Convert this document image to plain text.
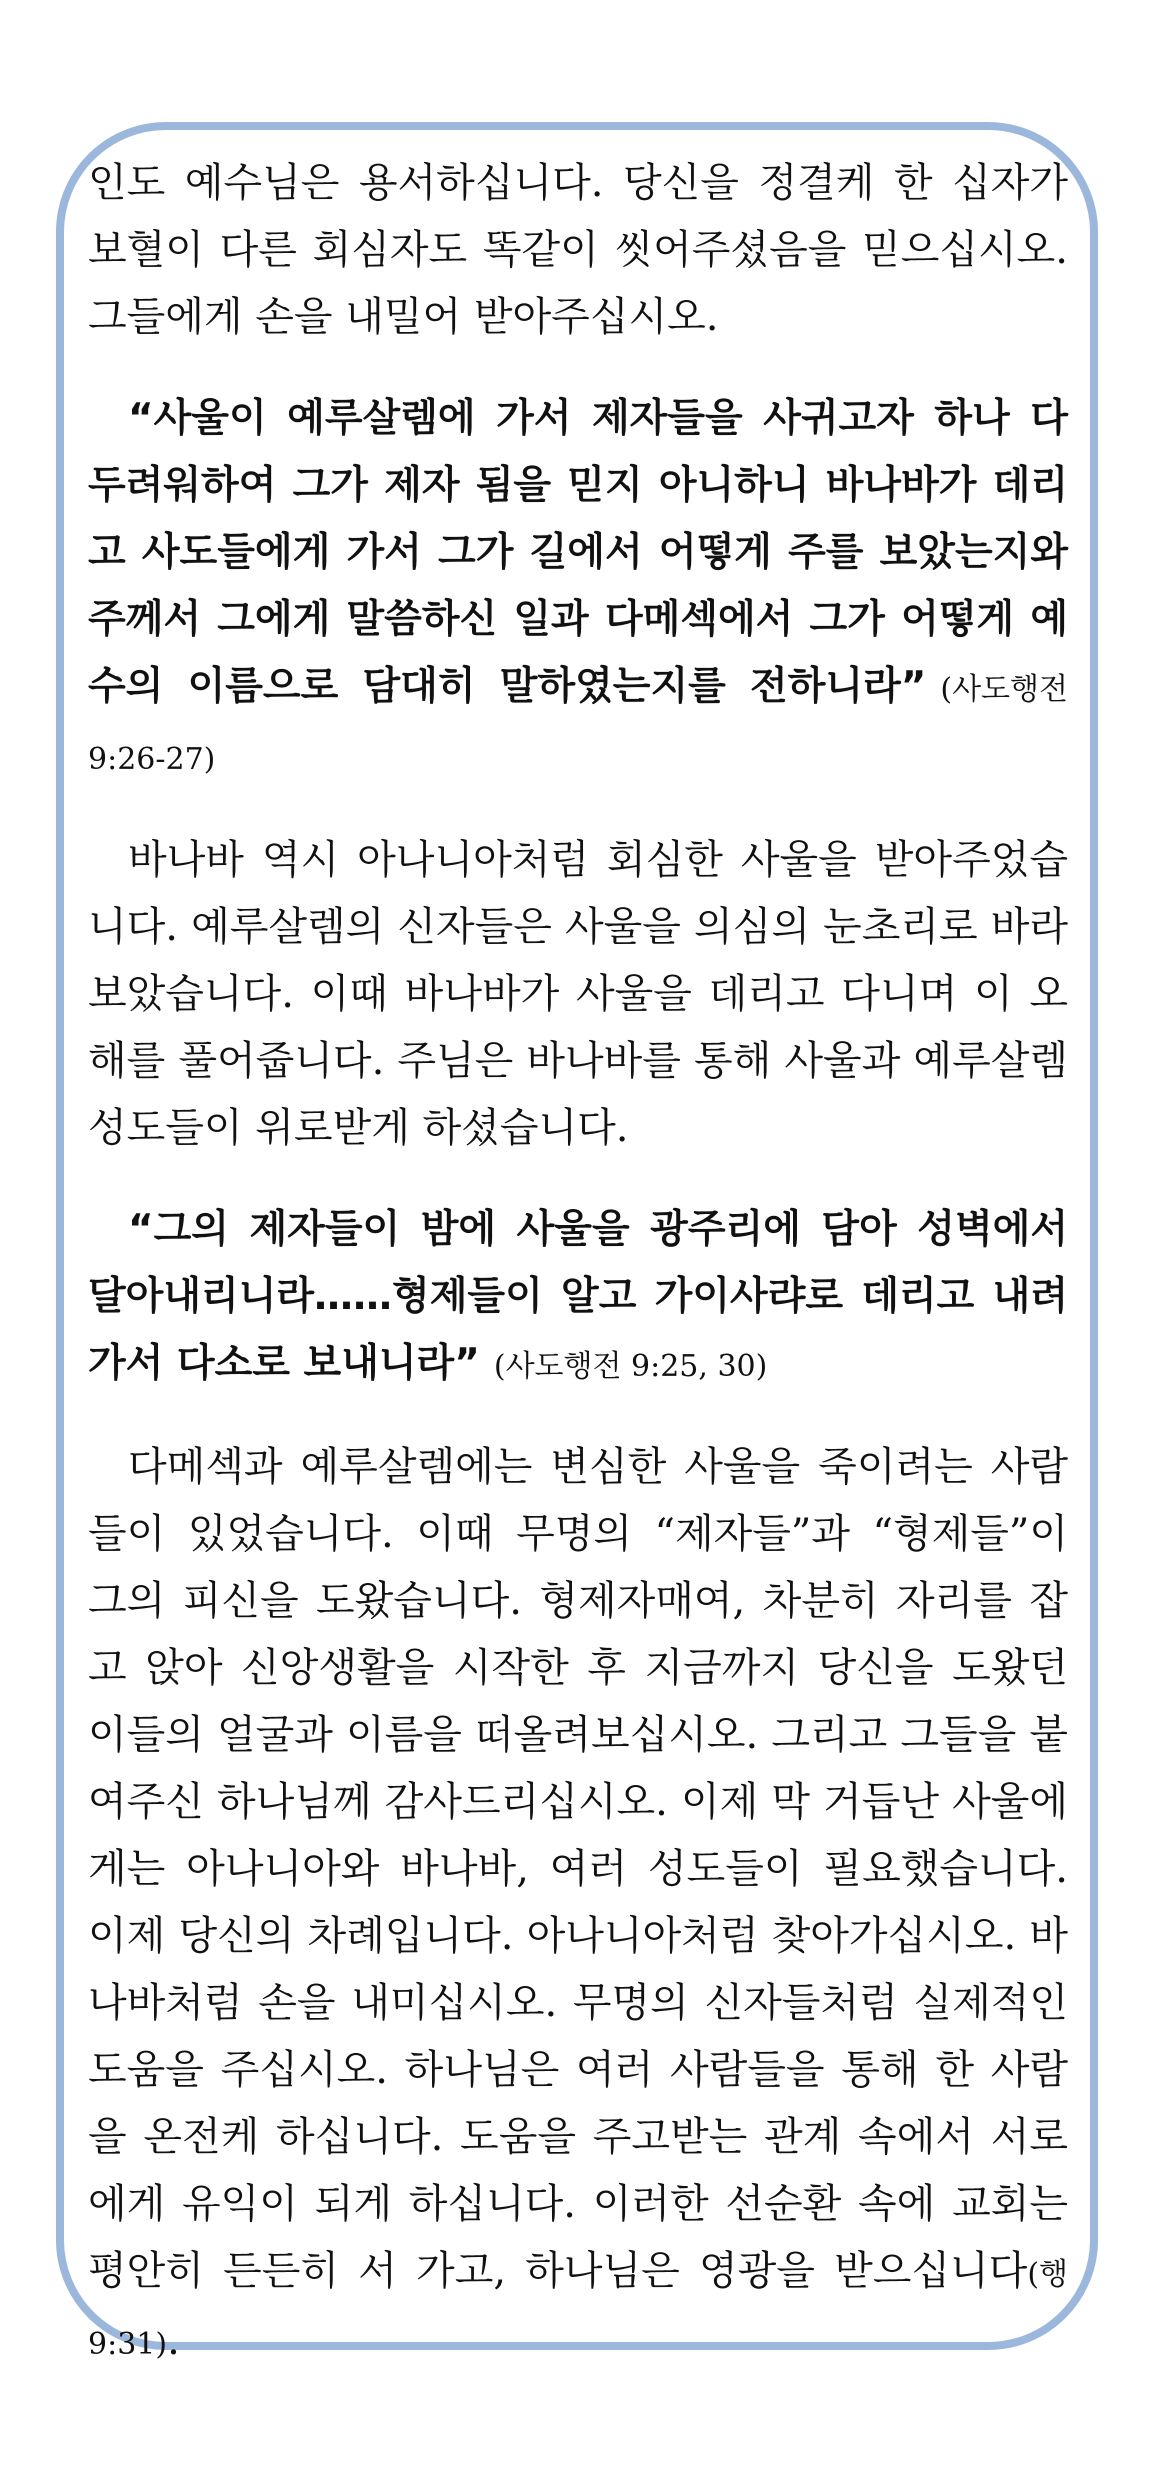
인도 예수님은 용서하십니다. 당신을 정결케 한 십자가 보혈이 다른 회심자도 똑같이 씻어주셨음을 믿으십시오. 그들에게 손을 내밀어 받아주십시오.

“사울이 예루살렘에 가서 제자들을 사귀고자 하나 다 두려워하여 그가 제자 됨을 믿지 아니하니 바나바가 데리고 사도들에게 가서 그가 길에서 어떻게 주를 보았는지와 주께서 그에게 말씀하신 일과 다메섹에서 그가 어떻게 예수의 이름으로 담대히 말하였는지를 전하니라” (사도행전 9:26-27)

바나바 역시 아나니아처럼 회심한 사울을 받아주었습니다. 예루살렘의 신자들은 사울을 의심의 눈초리로 바라보았습니다. 이때 바나바가 사울을 데리고 다니며 이 오해를 풀어줍니다. 주님은 바나바를 통해 사울과 예루살렘 성도들이 위로받게 하셨습니다.

“그의 제자들이 밤에 사울을 광주리에 담아 성벽에서 달아내리니라……형제들이 알고 가이사랴로 데리고 내려가서 다소로 보내니라” (사도행전 9:25, 30)

다메섹과 예루살렘에는 변심한 사울을 죽이려는 사람들이 있었습니다. 이때 무명의 “제자들”과 “형제들”이 그의 피신을 도왔습니다. 형제자매여, 차분히 자리를 잡고 앉아 신앙생활을 시작한 후 지금까지 당신을 도왔던 이들의 얼굴과 이름을 떠올려보십시오. 그리고 그들을 붙여주신 하나님께 감사드리십시오. 이제 막 거듭난 사울에게는 아나니아와 바나바, 여러 성도들이 필요했습니다. 이제 당신의 차례입니다. 아나니아처럼 찾아가십시오. 바나바처럼 손을 내미십시오. 무명의 신자들처럼 실제적인 도움을 주십시오. 하나님은 여러 사람들을 통해 한 사람을 온전케 하십니다. 도움을 주고받는 관계 속에서 서로에게 유익이 되게 하십니다. 이러한 선순환 속에 교회는 평안히 든든히 서 가고, 하나님은 영광을 받으십니다(행9:31).
